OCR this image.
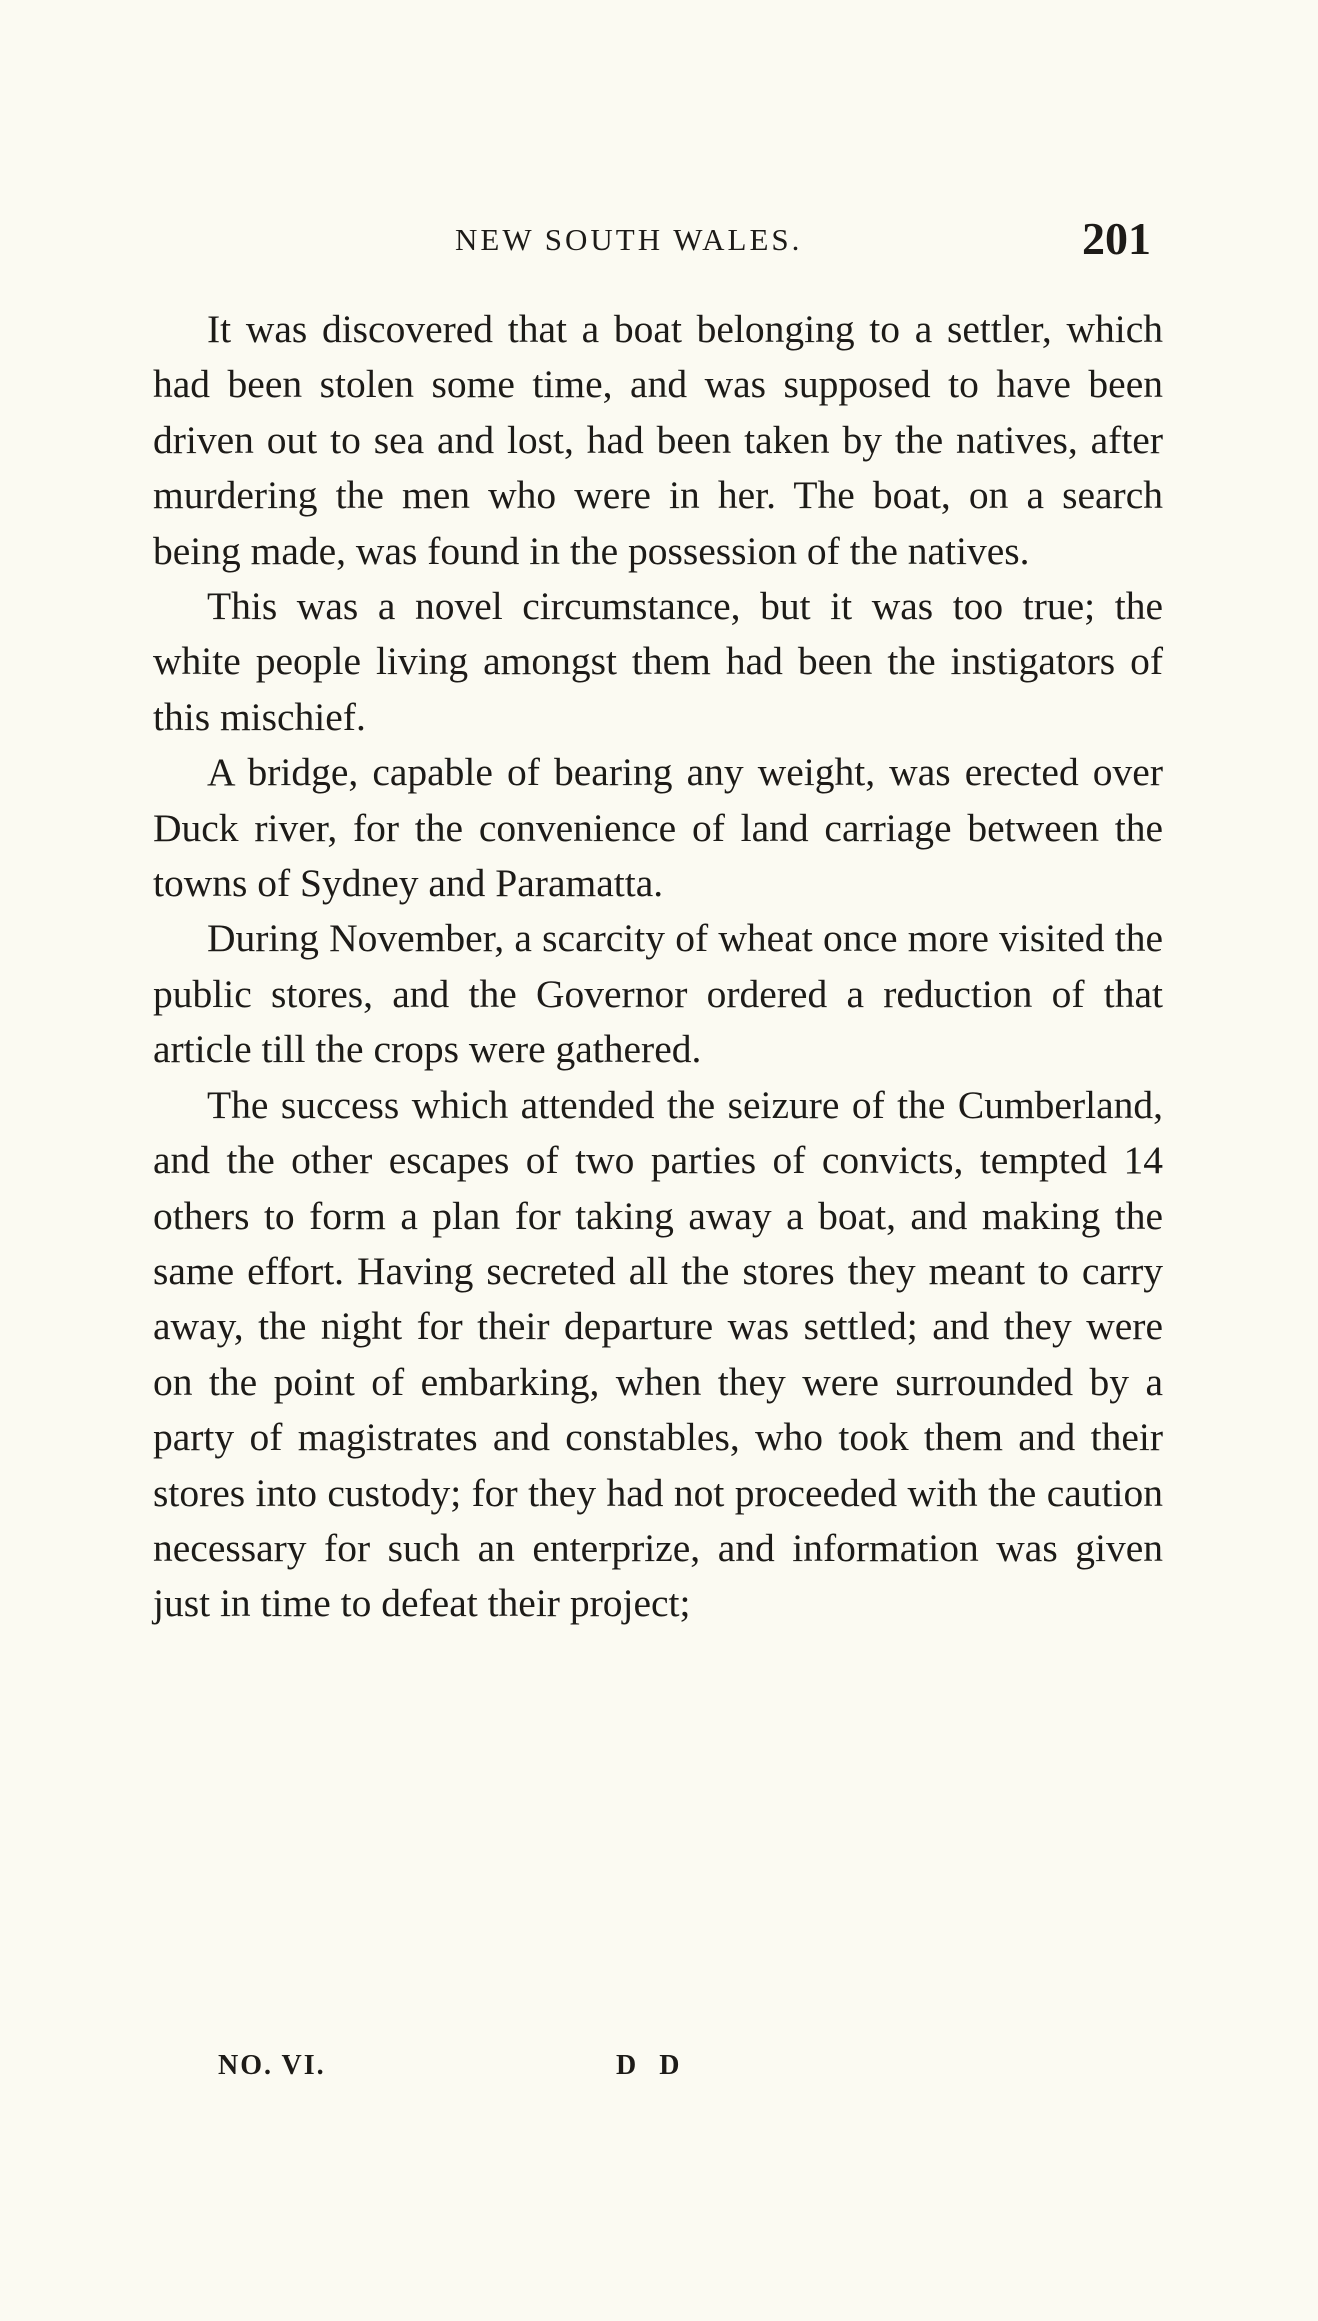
NEW SOUTH WALES.	201

It was discovered that a boat belonging to a settler, which had been stolen some time, and was supposed to have been driven out to sea and lost, had been taken by the natives, after murdering the men who were in her. The boat, on a search being made, was found in the possession of the natives.

This was a novel circumstance, but it was too true; the white people living amongst them had been the instigators of this mischief.

A bridge, capable of bearing any weight, was erected over Duck river, for the convenience of land carriage between the towns of Sydney and Paramatta.

During November, a scarcity of wheat once more visited the public stores, and the Governor ordered a reduction of that article till the crops were gathered.

The success which attended the seizure of the Cumberland, and the other escapes of two parties of convicts, tempted 14 others to form a plan for taking away a boat, and making the same effort. Having secreted all the stores they meant to carry away, the night for their departure was settled; and they were on the point of embarking, when they were surrounded by a party of magistrates and constables, who took them and their stores into custody; for they had not proceeded with the caution necessary for such an enterprize, and information was given just in time to defeat their project;

NO. VI.	D D
